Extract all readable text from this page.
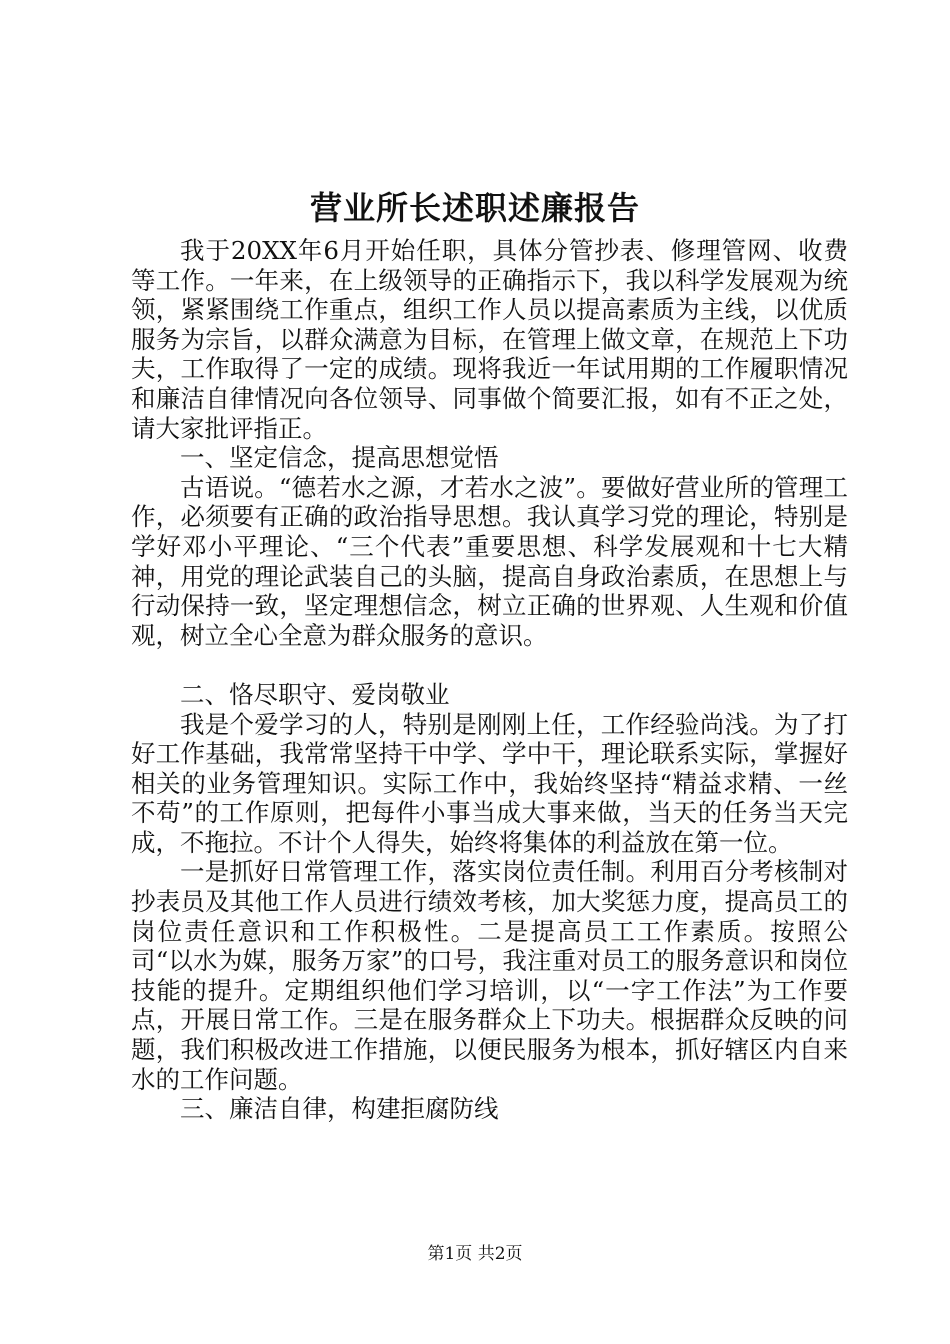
营业所长述职述廉报告

我于20XX年6月开始任职，具体分管抄表、修理管网、收费等工作。一年来，在上级领导的正确指示下，我以科学发展观为统领，紧紧围绕工作重点，组织工作人员以提高素质为主线，以优质服务为宗旨，以群众满意为目标，在管理上做文章，在规范上下功夫，工作取得了一定的成绩。现将我近一年试用期的工作履职情况和廉洁自律情况向各位领导、同事做个简要汇报，如有不正之处，请大家批评指正。

一、坚定信念，提高思想觉悟

古语说。“德若水之源，才若水之波”。要做好营业所的管理工作，必须要有正确的政治指导思想。我认真学习党的理论，特别是学好邓小平理论、“三个代表”重要思想、科学发展观和十七大精神，用党的理论武装自己的头脑，提高自身政治素质，在思想上与行动保持一致，坚定理想信念，树立正确的世界观、人生观和价值观，树立全心全意为群众服务的意识。

二、恪尽职守、爱岗敬业

我是个爱学习的人，特别是刚刚上任，工作经验尚浅。为了打好工作基础，我常常坚持干中学、学中干，理论联系实际，掌握好相关的业务管理知识。实际工作中，我始终坚持“精益求精、一丝不苟”的工作原则，把每件小事当成大事来做，当天的任务当天完成，不拖拉。不计个人得失，始终将集体的利益放在第一位。

一是抓好日常管理工作，落实岗位责任制。利用百分考核制对抄表员及其他工作人员进行绩效考核，加大奖惩力度，提高员工的岗位责任意识和工作积极性。二是提高员工工作素质。按照公司“以水为媒，服务万家”的口号，我注重对员工的服务意识和岗位技能的提升。定期组织他们学习培训，以“一字工作法”为工作要点，开展日常工作。三是在服务群众上下功夫。根据群众反映的问题，我们积极改进工作措施，以便民服务为根本，抓好辖区内自来水的工作问题。

三、廉洁自律，构建拒腐防线

第1页 共2页
